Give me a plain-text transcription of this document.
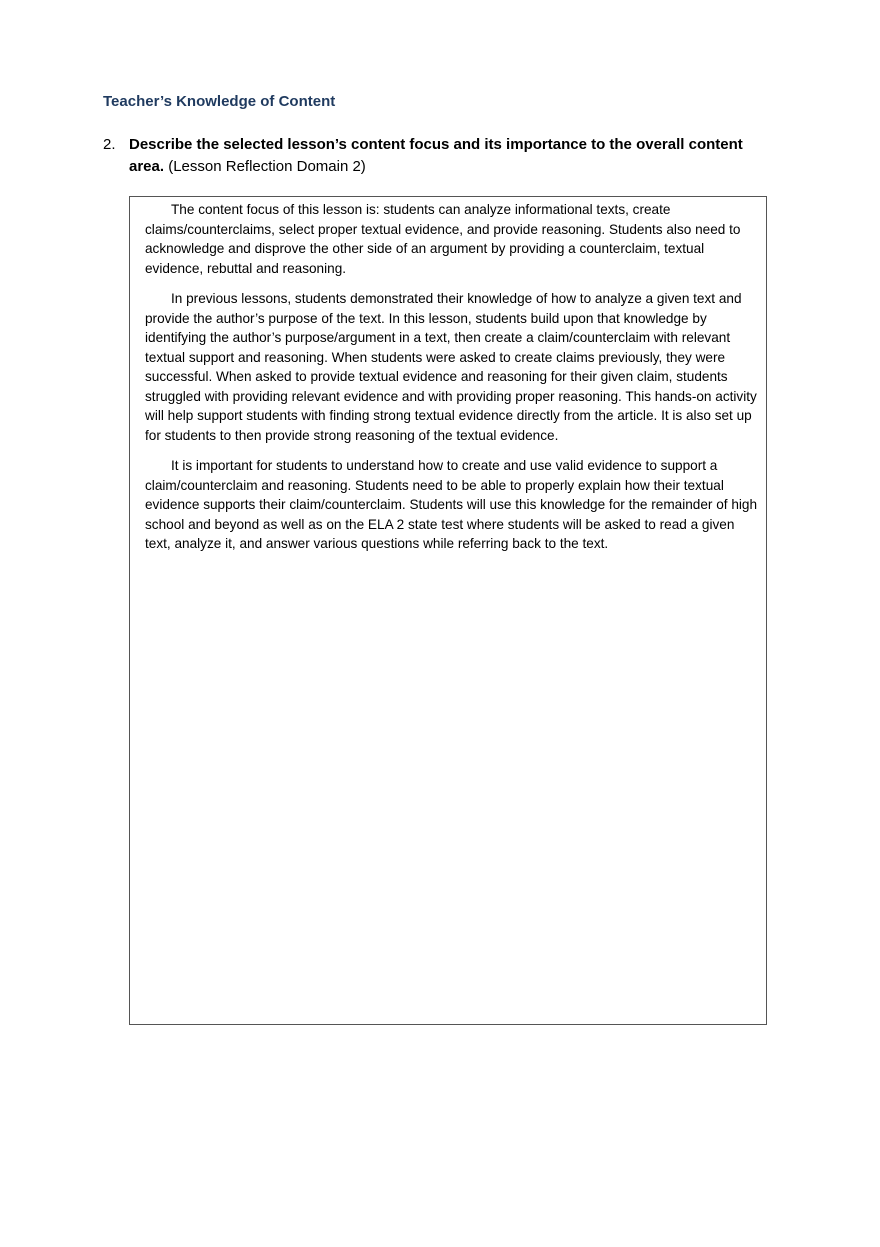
Teacher’s Knowledge of Content
2. Describe the selected lesson’s content focus and its importance to the overall content area. (Lesson Reflection Domain 2)

The content focus of this lesson is: students can analyze informational texts, create claims/counterclaims, select proper textual evidence, and provide reasoning. Students also need to acknowledge and disprove the other side of an argument by providing a counterclaim, textual evidence, rebuttal and reasoning.

In previous lessons, students demonstrated their knowledge of how to analyze a given text and provide the author’s purpose of the text. In this lesson, students build upon that knowledge by identifying the author’s purpose/argument in a text, then create a claim/counterclaim with relevant textual support and reasoning. When students were asked to create claims previously, they were successful. When asked to provide textual evidence and reasoning for their given claim, students struggled with providing relevant evidence and with providing proper reasoning. This hands-on activity will help support students with finding strong textual evidence directly from the article. It is also set up for students to then provide strong reasoning of the textual evidence.

It is important for students to understand how to create and use valid evidence to support a claim/counterclaim and reasoning. Students need to be able to properly explain how their textual evidence supports their claim/counterclaim. Students will use this knowledge for the remainder of high school and beyond as well as on the ELA 2 state test where students will be asked to read a given text, analyze it, and answer various questions while referring back to the text.
